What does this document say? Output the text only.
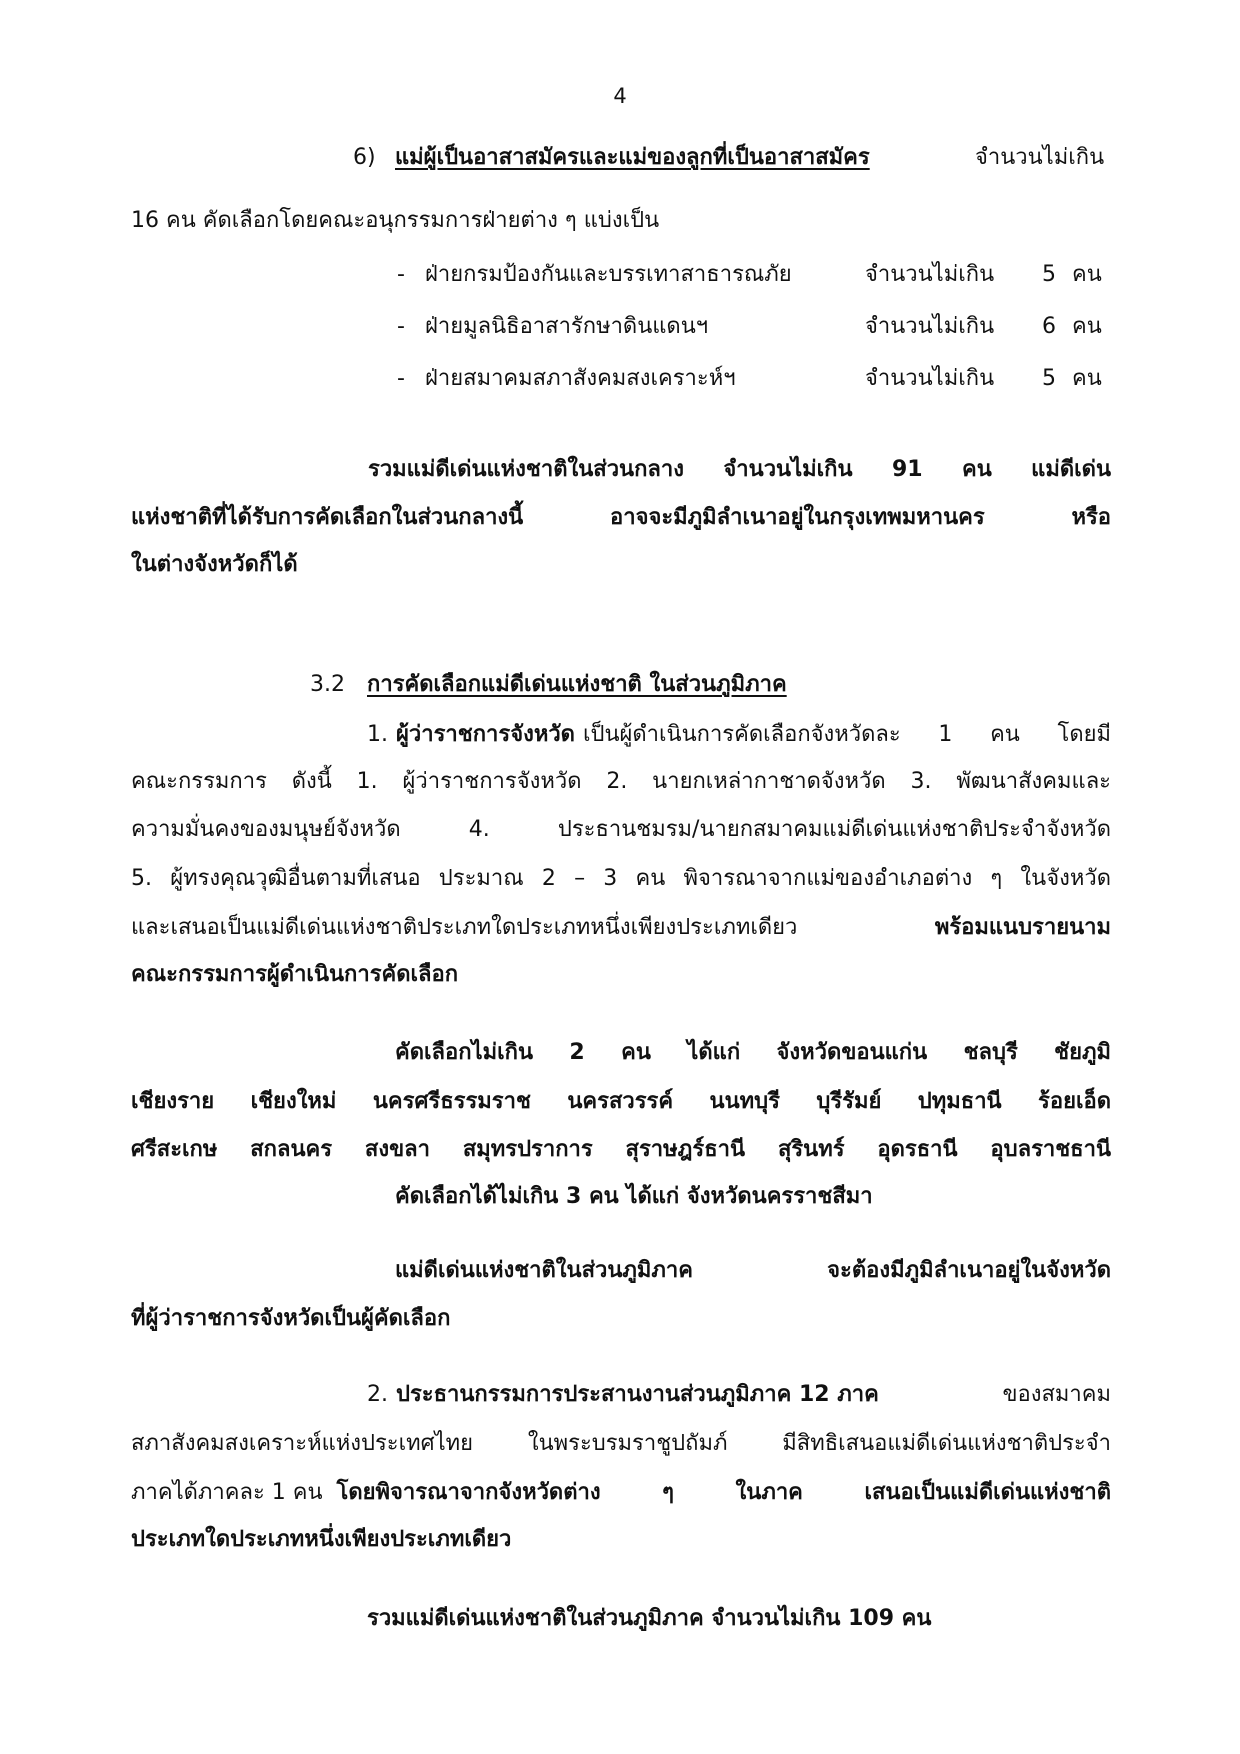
4
6) แม่ผู้เป็นอาสาสมัครและแม่ของลูกที่เป็นอาสาสมัคร	จำนวนไม่เกิน
16 คน คัดเลือกโดยคณะอนุกรรมการฝ่ายต่าง ๆ แบ่งเป็น
- ฝ่ายกรมป้องกันและบรรเทาสาธารณภัย	จำนวนไม่เกิน 5 คน
- ฝ่ายมูลนิธิอาสารักษาดินแดนฯ	จำนวนไม่เกิน 6 คน
- ฝ่ายสมาคมสภาสังคมสงเคราะห์ฯ	จำนวนไม่เกิน 5 คน
รวมแม่ดีเด่นแห่งชาติในส่วนกลาง จำนวนไม่เกิน 91 คน แม่ดีเด่น
แห่งชาติที่ได้รับการคัดเลือกในส่วนกลางนี้ อาจจะมีภูมิลำเนาอยู่ในกรุงเทพมหานคร หรือ
ในต่างจังหวัดก็ได้
3.2 การคัดเลือกแม่ดีเด่นแห่งชาติ ในส่วนภูมิภาค
1. ผู้ว่าราชการจังหวัด เป็นผู้ดำเนินการคัดเลือกจังหวัดละ 1 คน โดยมี
คณะกรรมการ ดังนี้ 1. ผู้ว่าราชการจังหวัด 2. นายกเหล่ากาชาดจังหวัด 3. พัฒนาสังคมและ
ความมั่นคงของมนุษย์จังหวัด 4. ประธานชมรม/นายกสมาคมแม่ดีเด่นแห่งชาติประจำจังหวัด
5. ผู้ทรงคุณวุฒิอื่นตามที่เสนอ ประมาณ 2 – 3 คน พิจารณาจากแม่ของอำเภอต่าง ๆ ในจังหวัด
และเสนอเป็นแม่ดีเด่นแห่งชาติประเภทใดประเภทหนึ่งเพียงประเภทเดียว	พร้อมแนบรายนาม
คณะกรรมการผู้ดำเนินการคัดเลือก
คัดเลือกไม่เกิน 2 คน ได้แก่ จังหวัดขอนแก่น ชลบุรี ชัยภูมิ
เชียงราย เชียงใหม่ นครศรีธรรมราช นครสวรรค์ นนทบุรี บุรีรัมย์ ปทุมธานี ร้อยเอ็ด
ศรีสะเกษ สกลนคร สงขลา สมุทรปราการ สุราษฎร์ธานี สุรินทร์ อุดรธานี อุบลราชธานี
คัดเลือกได้ไม่เกิน 3 คน ได้แก่ จังหวัดนครราชสีมา
แม่ดีเด่นแห่งชาติในส่วนภูมิภาค จะต้องมีภูมิลำเนาอยู่ในจังหวัด
ที่ผู้ว่าราชการจังหวัดเป็นผู้คัดเลือก
2. ประธานกรรมการประสานงานส่วนภูมิภาค 12 ภาค	ของสมาคม
สภาสังคมสงเคราะห์แห่งประเทศไทย ในพระบรมราชูปถัมภ์ มีสิทธิเสนอแม่ดีเด่นแห่งชาติประจำ
ภาคได้ภาคละ 1 คน โดยพิจารณาจากจังหวัดต่าง ๆ ในภาค เสนอเป็นแม่ดีเด่นแห่งชาติ
ประเภทใดประเภทหนึ่งเพียงประเภทเดียว
รวมแม่ดีเด่นแห่งชาติในส่วนภูมิภาค จำนวนไม่เกิน 109 คน
